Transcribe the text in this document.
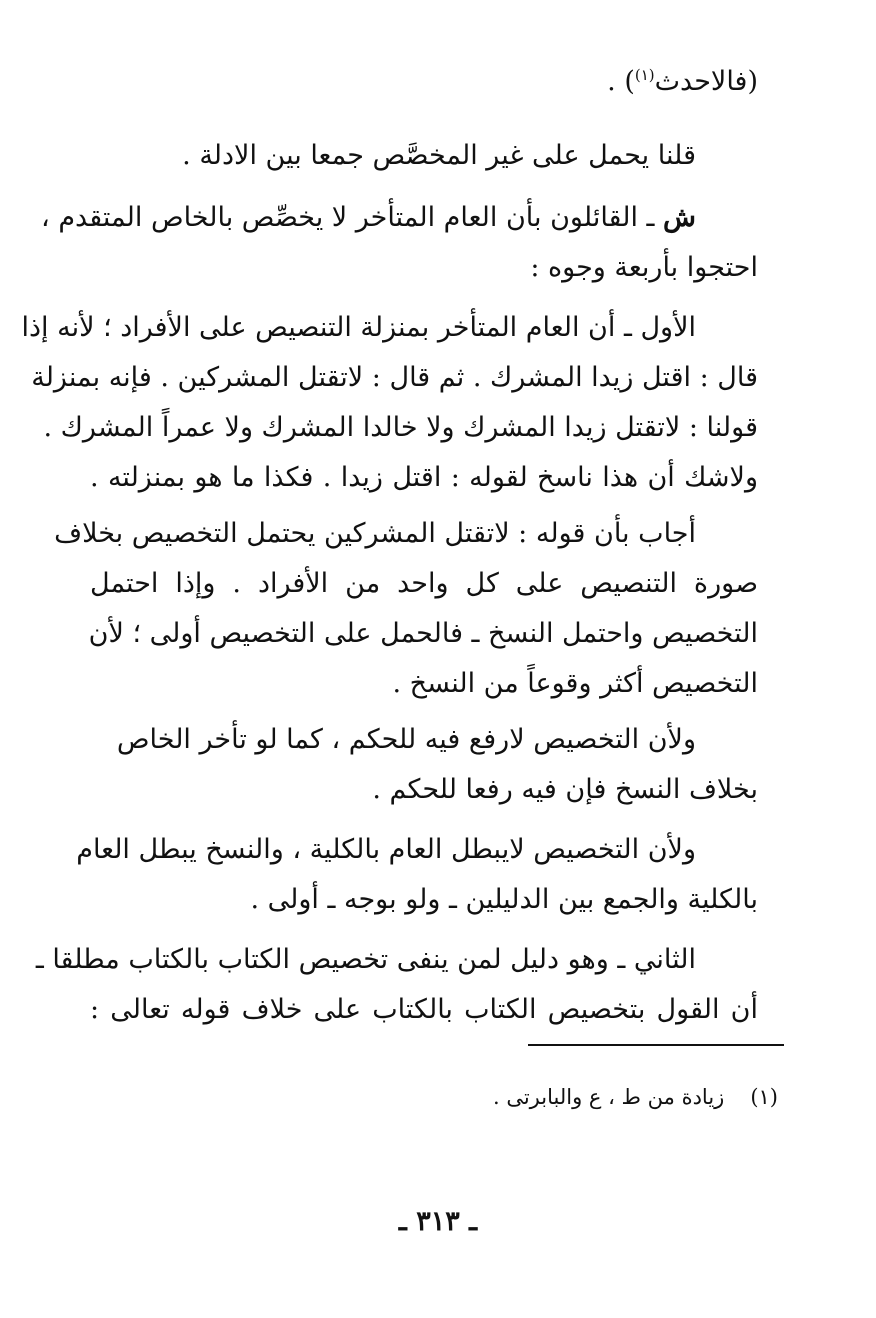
(فالاحدث$^{(١)}$) .
قلنا يحمل على غير المخصَّص جمعا بين الادلة .
ش ـ القائلون بأن العام المتأخر لا يخصِّص بالخاص المتقدم ،
احتجوا بأربعة وجوه :
الأول ـ أن العام المتأخر بمنزلة التنصيص على الأفراد ؛ لأنه إذا
قال : اقتل زيدا المشرك . ثم قال : لاتقتل المشركين . فإنه بمنزلة
قولنا : لاتقتل زيدا المشرك ولا خالدا المشرك ولا عمراً المشرك .
ولاشك أن هذا ناسخ لقوله : اقتل زيدا . فكذا ما هو بمنزلته .
أجاب بأن قوله : لاتقتل المشركين يحتمل التخصيص بخلاف
صورة التنصيص على كل واحد من الأفراد . وإذا احتمل
التخصيص واحتمل النسخ ـ فالحمل على التخصيص أولى ؛ لأن
التخصيص أكثر وقوعاً من النسخ .
ولأن التخصيص لارفع فيه للحكم ، كما لو تأخر الخاص
بخلاف النسخ فإن فيه رفعا للحكم .
ولأن التخصيص لايبطل العام بالكلية ، والنسخ يبطل العام
بالكلية والجمع بين الدليلين ـ ولو بوجه ـ أولى .
الثاني ـ وهو دليل لمن ينفى تخصيص الكتاب بالكتاب مطلقا ـ
أن القول بتخصيص الكتاب بالكتاب على خلاف قوله تعالى :
(١)زيادة من ط ، ع والبابرتى .
ـ ٣١٣ ـ
